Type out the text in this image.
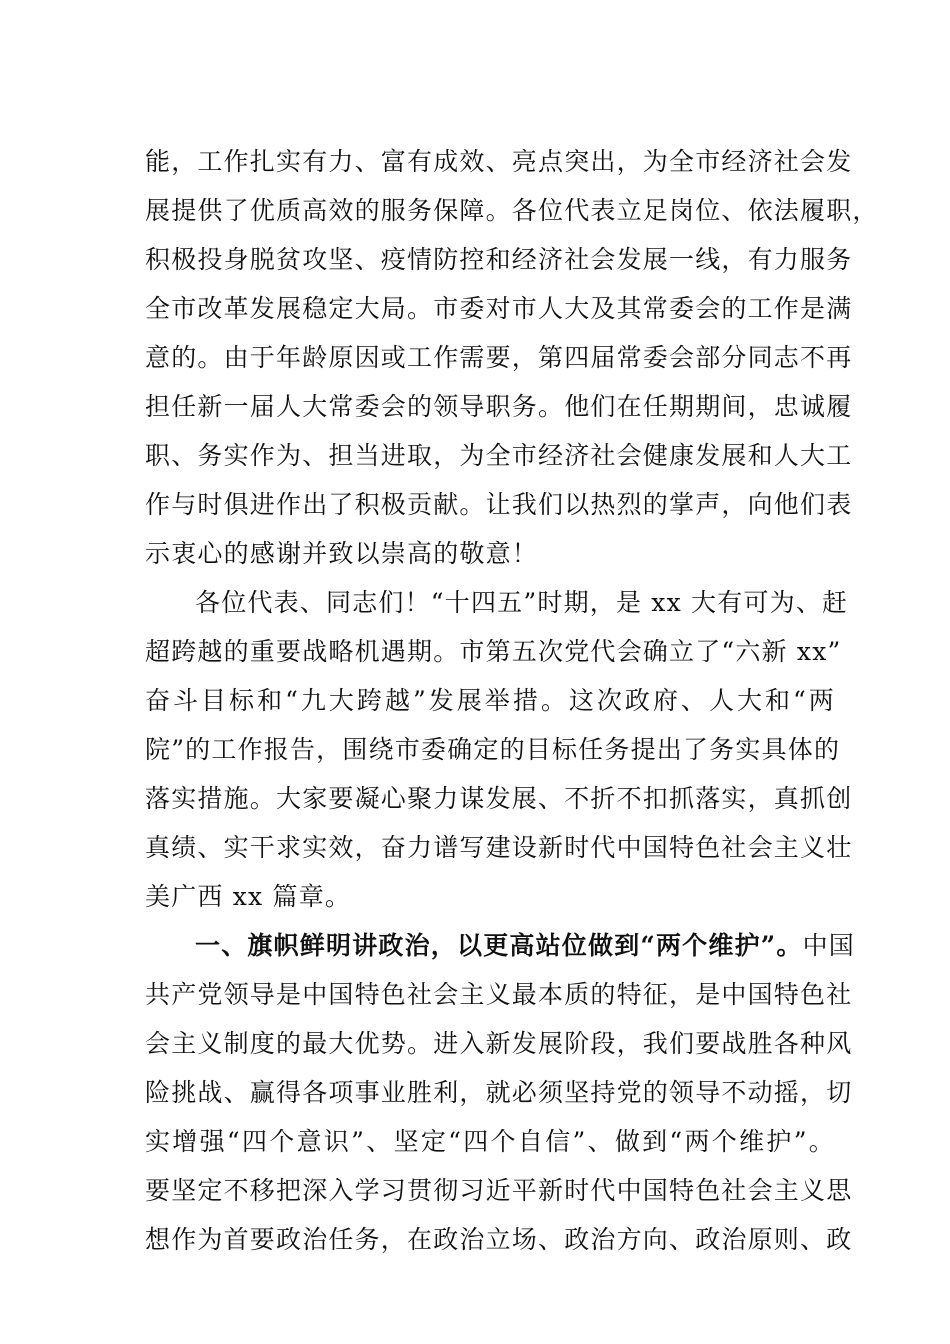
能，工作扎实有力、富有成效、亮点突出，为全市经济社会发
展提供了优质高效的服务保障。各位代表立足岗位、依法履职，
积极投身脱贫攻坚、疫情防控和经济社会发展一线，有力服务
全市改革发展稳定大局。市委对市人大及其常委会的工作是满
意的。由于年龄原因或工作需要，第四届常委会部分同志不再
担任新一届人大常委会的领导职务。他们在任期期间，忠诚履
职、务实作为、担当进取，为全市经济社会健康发展和人大工
作与时俱进作出了积极贡献。让我们以热烈的掌声，向他们表
示衷心的感谢并致以崇高的敬意！
各位代表、同志们！“十四五”时期，是 xx 大有可为、赶
超跨越的重要战略机遇期。市第五次党代会确立了“六新 xx”
奋斗目标和“九大跨越”发展举措。这次政府、人大和“两
院”的工作报告，围绕市委确定的目标任务提出了务实具体的
落实措施。大家要凝心聚力谋发展、不折不扣抓落实，真抓创
真绩、实干求实效，奋力谱写建设新时代中国特色社会主义壮
美广西 xx 篇章。
一、旗帜鲜明讲政治，以更高站位做到“两个维护”。中国
共产党领导是中国特色社会主义最本质的特征，是中国特色社
会主义制度的最大优势。进入新发展阶段，我们要战胜各种风
险挑战、赢得各项事业胜利，就必须坚持党的领导不动摇，切
实增强“四个意识”、坚定“四个自信”、做到“两个维护”。
要坚定不移把深入学习贯彻习近平新时代中国特色社会主义思
想作为首要政治任务，在政治立场、政治方向、政治原则、政
